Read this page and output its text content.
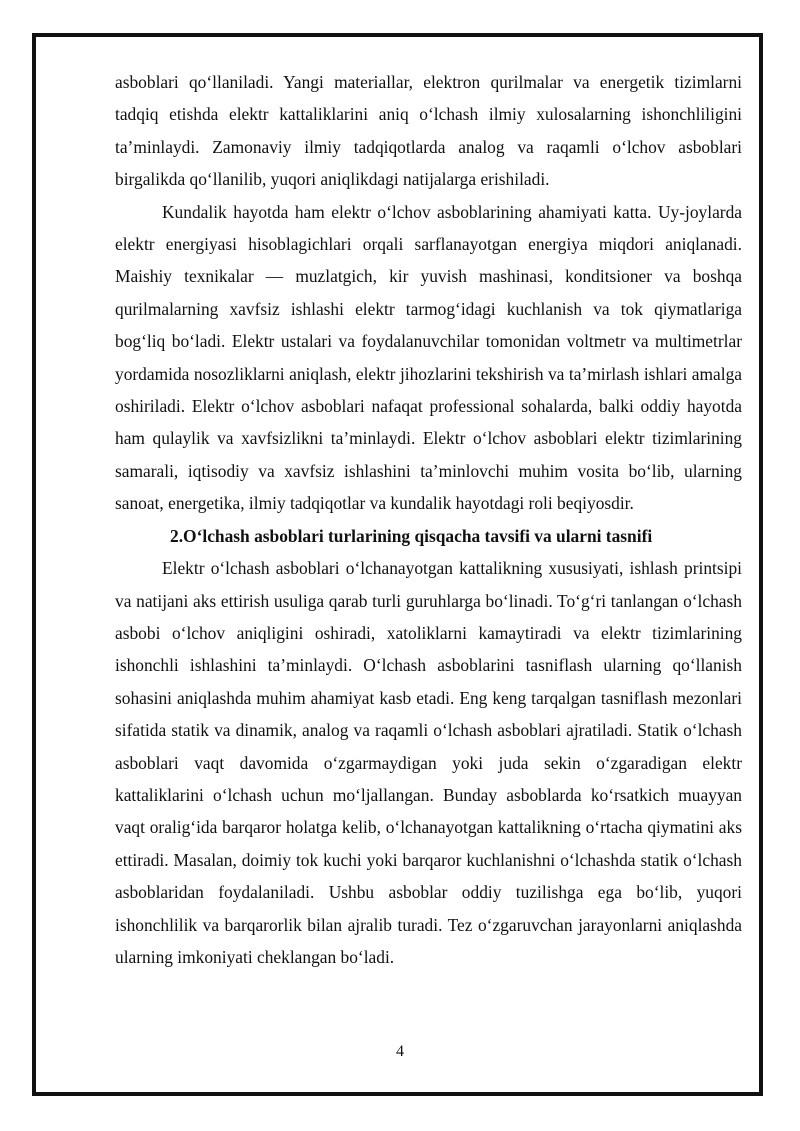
asboblari qo‘llaniladi. Yangi materiallar, elektron qurilmalar va energetik tizimlarni tadqiq etishda elektr kattaliklarini aniq o‘lchash ilmiy xulosalarning ishonchliligini ta’minlaydi. Zamonaviy ilmiy tadqiqotlarda analog va raqamli o‘lchov asboblari birgalikda qo‘llanilib, yuqori aniqlikdagi natijalarga erishiladi.

Kundalik hayotda ham elektr o‘lchov asboblarining ahamiyati katta. Uy-joylarda elektr energiyasi hisoblagichlari orqali sarflanayotgan energiya miqdori aniqlanadi. Maishiy texnikalar — muzlatgich, kir yuvish mashinasi, konditsioner va boshqa qurilmalarning xavfsiz ishlashi elektr tarmog‘idagi kuchlanish va tok qiymatlariga bog‘liq bo‘ladi. Elektr ustalari va foydalanuvchilar tomonidan voltmetr va multimetrlar yordamida nosozliklarni aniqlash, elektr jihozlarini tekshirish va ta’mirlash ishlari amalga oshiriladi. Elektr o‘lchov asboblari nafaqat professional sohalarda, balki oddiy hayotda ham qulaylik va xavfsizlikni ta’minlaydi. Elektr o‘lchov asboblari elektr tizimlarining samarali, iqtisodiy va xavfsiz ishlashini ta’minlovchi muhim vosita bo‘lib, ularning sanoat, energetika, ilmiy tadqiqotlar va kundalik hayotdagi roli beqiyosdir.

2.O‘lchash asboblari turlarining qisqacha tavsifi va ularni tasnifi

Elektr o‘lchash asboblari o‘lchanayotgan kattalikning xususiyati, ishlash printsipi va natijani aks ettirish usuliga qarab turli guruhlarga bo‘linadi. To‘g‘ri tanlangan o‘lchash asbobi o‘lchov aniqligini oshiradi, xatoliklarni kamaytiradi va elektr tizimlarining ishonchli ishlashini ta’minlaydi. O‘lchash asboblarini tasniflash ularning qo‘llanish sohasini aniqlashda muhim ahamiyat kasb etadi. Eng keng tarqalgan tasniflash mezonlari sifatida statik va dinamik, analog va raqamli o‘lchash asboblari ajratiladi. Statik o‘lchash asboblari vaqt davomida o‘zgarmaydigan yoki juda sekin o‘zgaradigan elektr kattaliklarini o‘lchash uchun mo‘ljallangan. Bunday asboblarda ko‘rsatkich muayyan vaqt oralig‘ida barqaror holatga kelib, o‘lchanayotgan kattalikning o‘rtacha qiymatini aks ettiradi. Masalan, doimiy tok kuchi yoki barqaror kuchlanishni o‘lchashda statik o‘lchash asboblaridan foydalaniladi. Ushbu asboblar oddiy tuzilishga ega bo‘lib, yuqori ishonchlilik va barqarorlik bilan ajralib turadi. Tez o‘zgaruvchan jarayonlarni aniqlashda ularning imkoniyati cheklangan bo‘ladi.

4
